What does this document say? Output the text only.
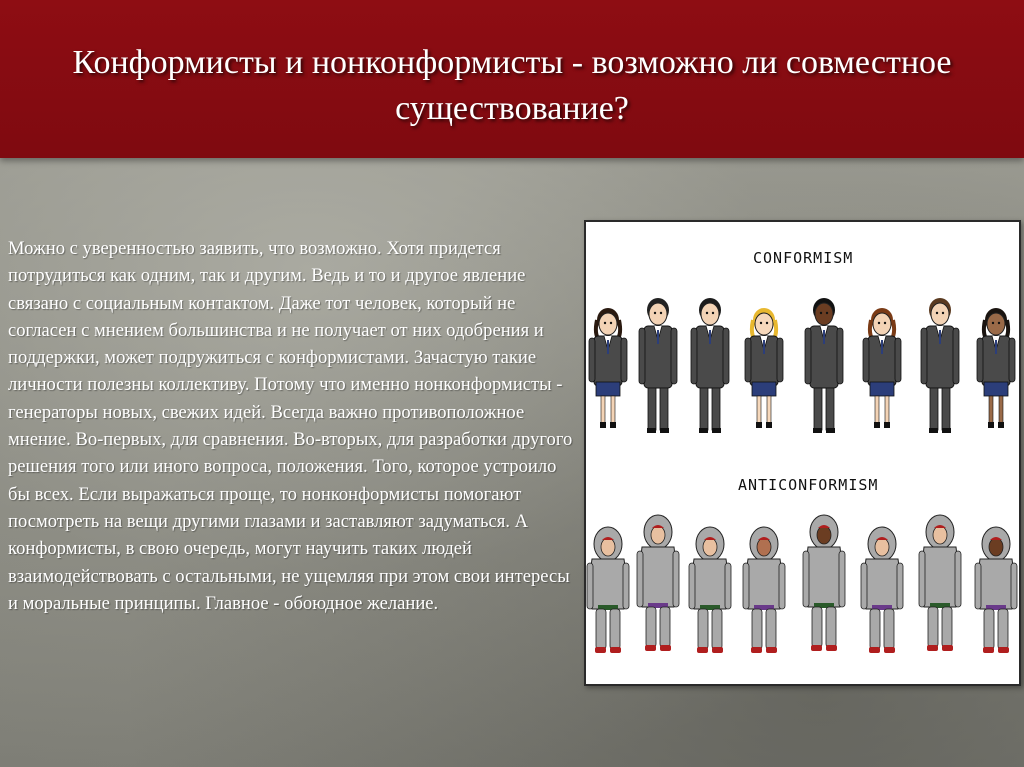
Конформисты и нонконформисты - возможно ли совместное существование?

Можно с уверенностью заявить, что возможно. Хотя придется потрудиться как одним, так и другим. Ведь и то и другое явление связано с социальным контактом. Даже тот человек, который не согласен с мнением большинства и не получает от них одобрения и поддержки, может подружиться с конформистами. Зачастую такие личности полезны коллективу. Потому что именно нонконформисты - генераторы новых, свежих идей. Всегда важно противоположное мнение. Во-первых, для сравнения. Во-вторых, для разработки другого решения того или иного вопроса, положения. Того, которое устроило бы всех. Если выражаться проще, то нонконформисты помогают посмотреть на вещи другими глазами и заставляют задуматься. А конформисты, в свою очередь, могут научить таких людей взаимодействовать с остальными, не ущемляя при этом свои интересы и моральные принципы. Главное - обоюдное желание.

CONFORMISM
ANTICONFORMISM
